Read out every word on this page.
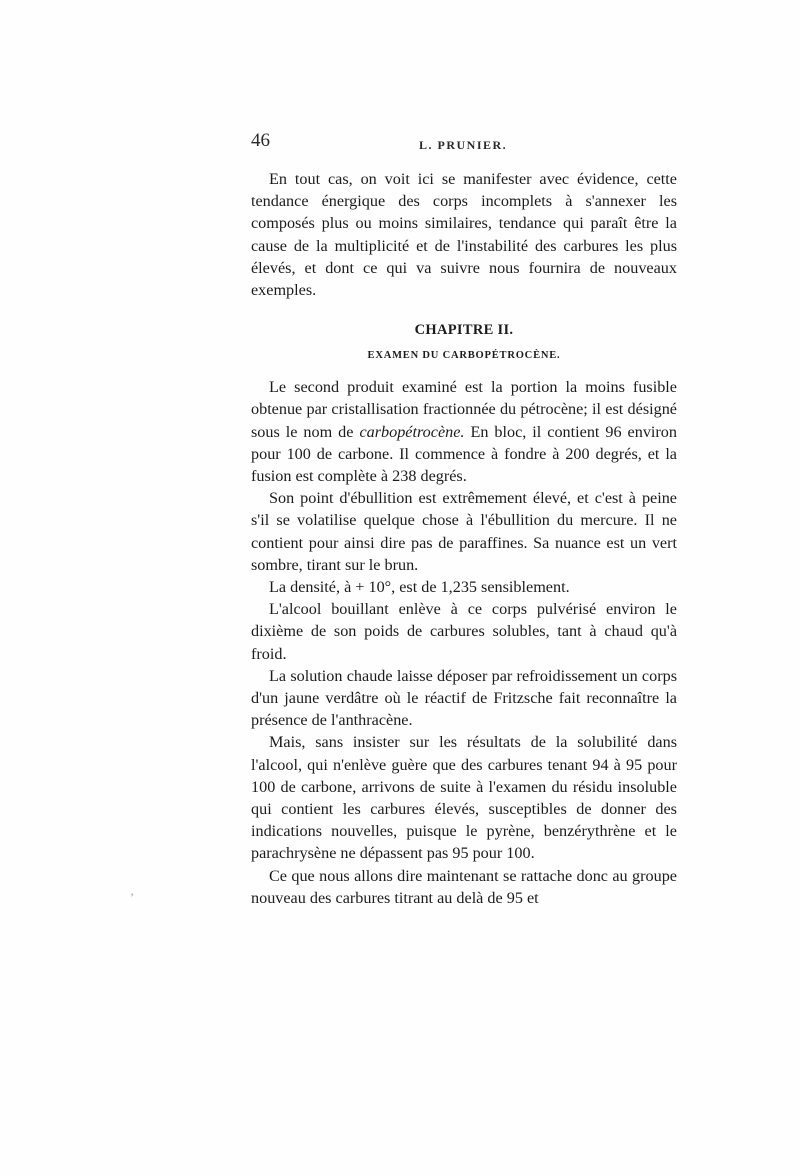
46	L. PRUNIER.

En tout cas, on voit ici se manifester avec évidence, cette tendance énergique des corps incomplets à s'annexer les composés plus ou moins similaires, tendance qui paraît être la cause de la multiplicité et de l'instabilité des carbures les plus élevés, et dont ce qui va suivre nous fournira de nouveaux exemples.

CHAPITRE II.
EXAMEN DU CARBOPÉTROCÈNE.

Le second produit examiné est la portion la moins fusible obtenue par cristallisation fractionnée du pétrocène; il est désigné sous le nom de carbopétrocène. En bloc, il contient 96 environ pour 100 de carbone. Il commence à fondre à 200 degrés, et la fusion est complète à 238 degrés.

Son point d'ébullition est extrêmement élevé, et c'est à peine s'il se volatilise quelque chose à l'ébullition du mercure. Il ne contient pour ainsi dire pas de paraffines. Sa nuance est un vert sombre, tirant sur le brun.

La densité, à + 10°, est de 1,235 sensiblement.

L'alcool bouillant enlève à ce corps pulvérisé environ le dixième de son poids de carbures solubles, tant à chaud qu'à froid.

La solution chaude laisse déposer par refroidissement un corps d'un jaune verdâtre où le réactif de Fritzsche fait reconnaître la présence de l'anthracène.

Mais, sans insister sur les résultats de la solubilité dans l'alcool, qui n'enlève guère que des carbures tenant 94 à 95 pour 100 de carbone, arrivons de suite à l'examen du résidu insoluble qui contient les carbures élevés, susceptibles de donner des indications nouvelles, puisque le pyrène, benzérythrène et le parachrysène ne dépassent pas 95 pour 100.

Ce que nous allons dire maintenant se rattache donc au groupe nouveau des carbures titrant au delà de 95 et

’
